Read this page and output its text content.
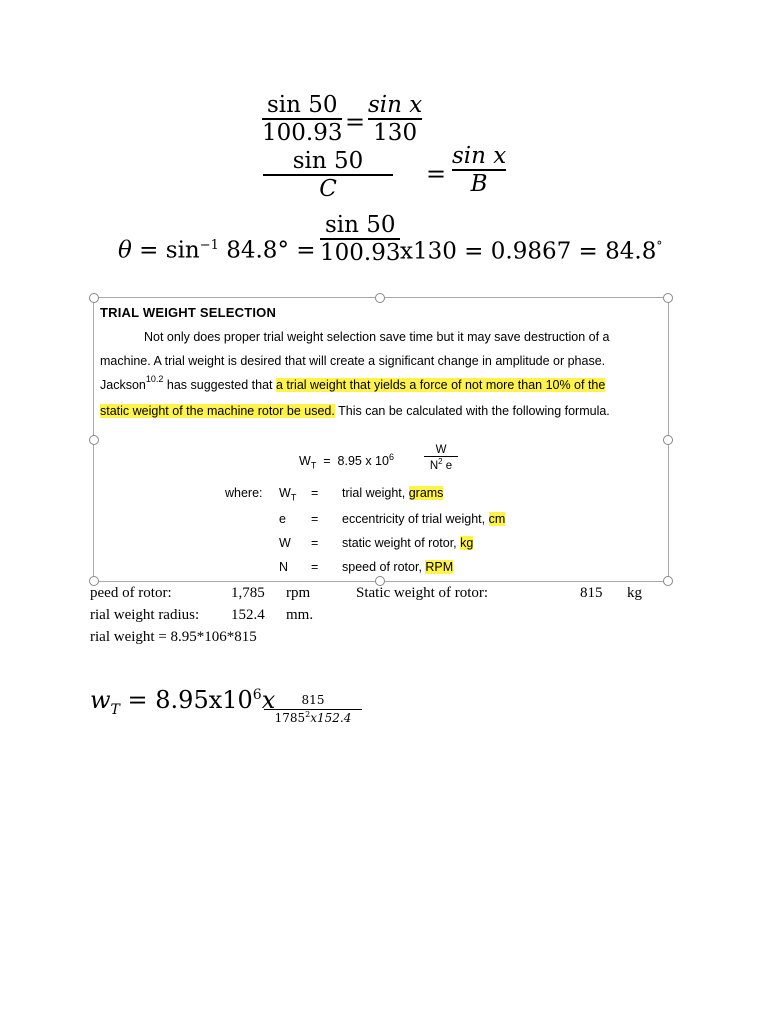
sin 50
100.93 =
sin x
130
sin 50
C
=
sin x
B
$\theta = \sin^{-1} 84.8^\circ$ =
sin 50
100.93 x130 = 0.9867 = 84.8°
TRIAL WEIGHT SELECTION
Not only does proper trial weight selection save time but it may save destruction of a
machine. A trial weight is desired that will create a significant change in amplitude or phase.
Jackson$^{10.2}$ has suggested that a trial weight that yields a force of not more than 10% of the
static weight of the machine rotor be used. This can be calculated with the following formula.
$W_T = 8.95$ x $10^6$
W
$N^2$ e
where: $W_T$ = trial weight, grams
e = eccentricity of trial weight, cm
W = static weight of rotor, kg
N = speed of rotor, RPM
peed of rotor:	1,785 rpm	Static weight of rotor:	815 kg
rial weight radius: 152.4 mm.
rial weight = 8.95*106*815
$w_T = 8.95x10^6x$ 815
1785$^2$x152.4
